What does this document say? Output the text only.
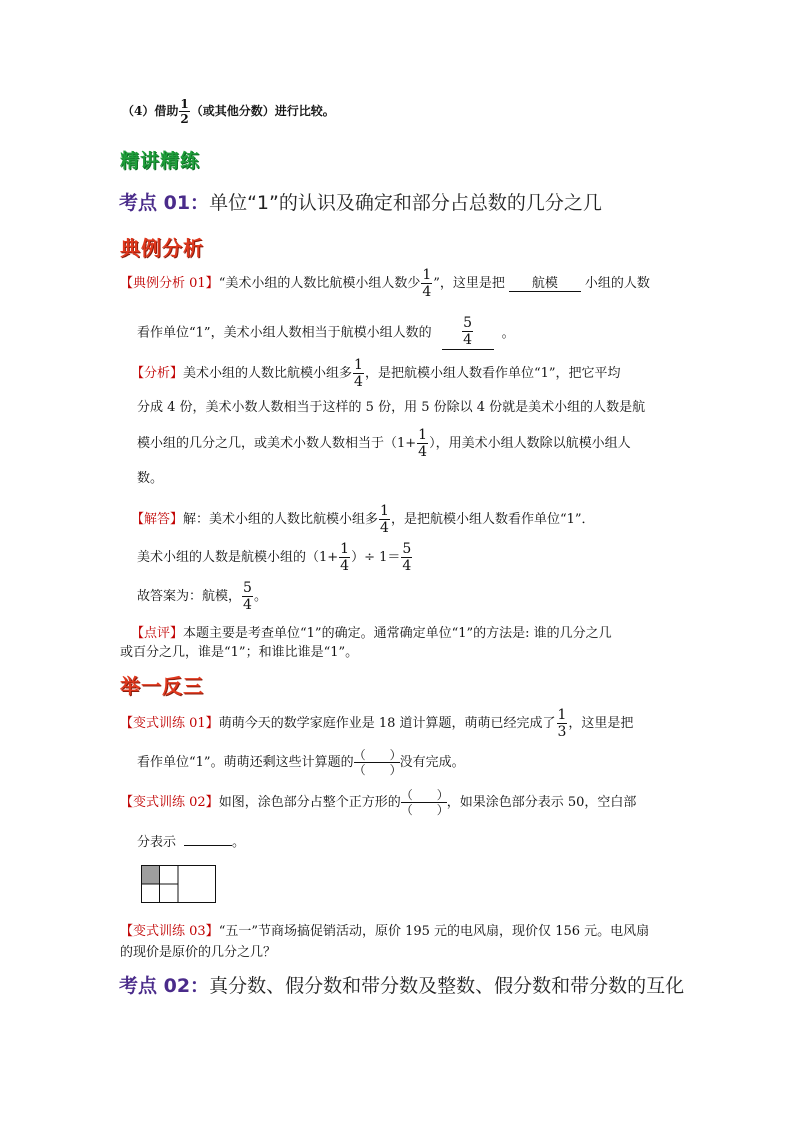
（4）借助 $\frac{1}{2}$ （或其他分数）进行比较。
精讲精练
考点 01：单位“1”的认识及确定和部分占总数的几分之几
典例分析
【典例分析 01】“美术小组的人数比航模小组人数少 $\frac{1}{4}$ ”，这里是把 航模 小组的人数
看作单位“1”，美术小组人数相当于航模小组人数的 $\frac{5}{4}$ 。
【分析】美术小组的人数比航模小组多 $\frac{1}{4}$ ，是把航模小组人数看作单位“1”，把它平均
分成 4 份，美术小数人数相当于这样的 5 份，用 5 份除以 4 份就是美术小组的人数是航
模小组的几分之几，或美术小数人数相当于（$1+ \frac{1}{4}$ ），用美术小组人数除以航模小组人
数。
【解答】解：美术小组的人数比航模小组多 $\frac{1}{4}$ ，是把航模小组人数看作单位“1”．
美术小组的人数是航模小组的（$1+ \frac{1}{4}$ ）÷ $1= \frac{5}{4}$
故答案为：航模， $\frac{5}{4}$ 。
【点评】本题主要是考查单位“1”的确定。通常确定单位“1”的方法是: 谁的几分之几
或百分之几，谁是“1”；和谁比谁是“1”。
举一反三
【变式训练 01】萌萌今天的数学家庭作业是 18 道计算题，萌萌已经完成了 $\frac{1}{3}$ ，这里是把
看作单位“1”。萌萌还剩这些计算题的 $\frac{( )}{( )}$ 没有完成。
【变式训练 02】如图，涂色部分占整个正方形的 $\frac{( )}{( )}$ ，如果涂色部分表示 50，空白部
分表示	。
【变式训练 03】“五一”节商场搞促销活动，原价 195 元的电风扇，现价仅 156 元。电风扇
的现价是原价的几分之几？
考点 02：真分数、假分数和带分数及整数、假分数和带分数的互化
